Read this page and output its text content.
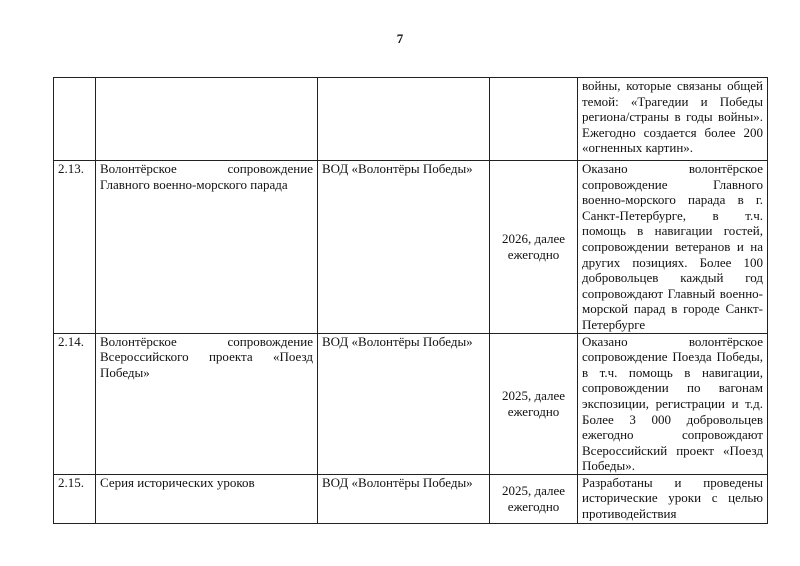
7
				войны, которые связаны общей темой: «Трагедии и Победы региона/страны в годы войны». Ежегодно создается более 200 «огненных картин».
2.13.	Волонтёрское сопровождение Главного военно-морского парада	ВОД «Волонтёры Победы»	2026, далее ежегодно	Оказано волонтёрское сопровождение Главного военно-морского парада в г. Санкт-Петербурге, в т.ч. помощь в навигации гостей, сопровождении ветеранов и на других позициях. Более 100 добровольцев каждый год сопровождают Главный военно-морской парад в городе Санкт-Петербурге
2.14.	Волонтёрское сопровождение Всероссийского проекта «Поезд Победы»	ВОД «Волонтёры Победы»	2025, далее ежегодно	Оказано волонтёрское сопровождение Поезда Победы, в т.ч. помощь в навигации, сопровождении по вагонам экспозиции, регистрации и т.д. Более 3 000 добровольцев ежегодно сопровождают Всероссийский проект «Поезд Победы».
2.15.	Серия исторических уроков	ВОД «Волонтёры Победы»	2025, далее ежегодно	Разработаны и проведены исторические уроки с целью противодействия
